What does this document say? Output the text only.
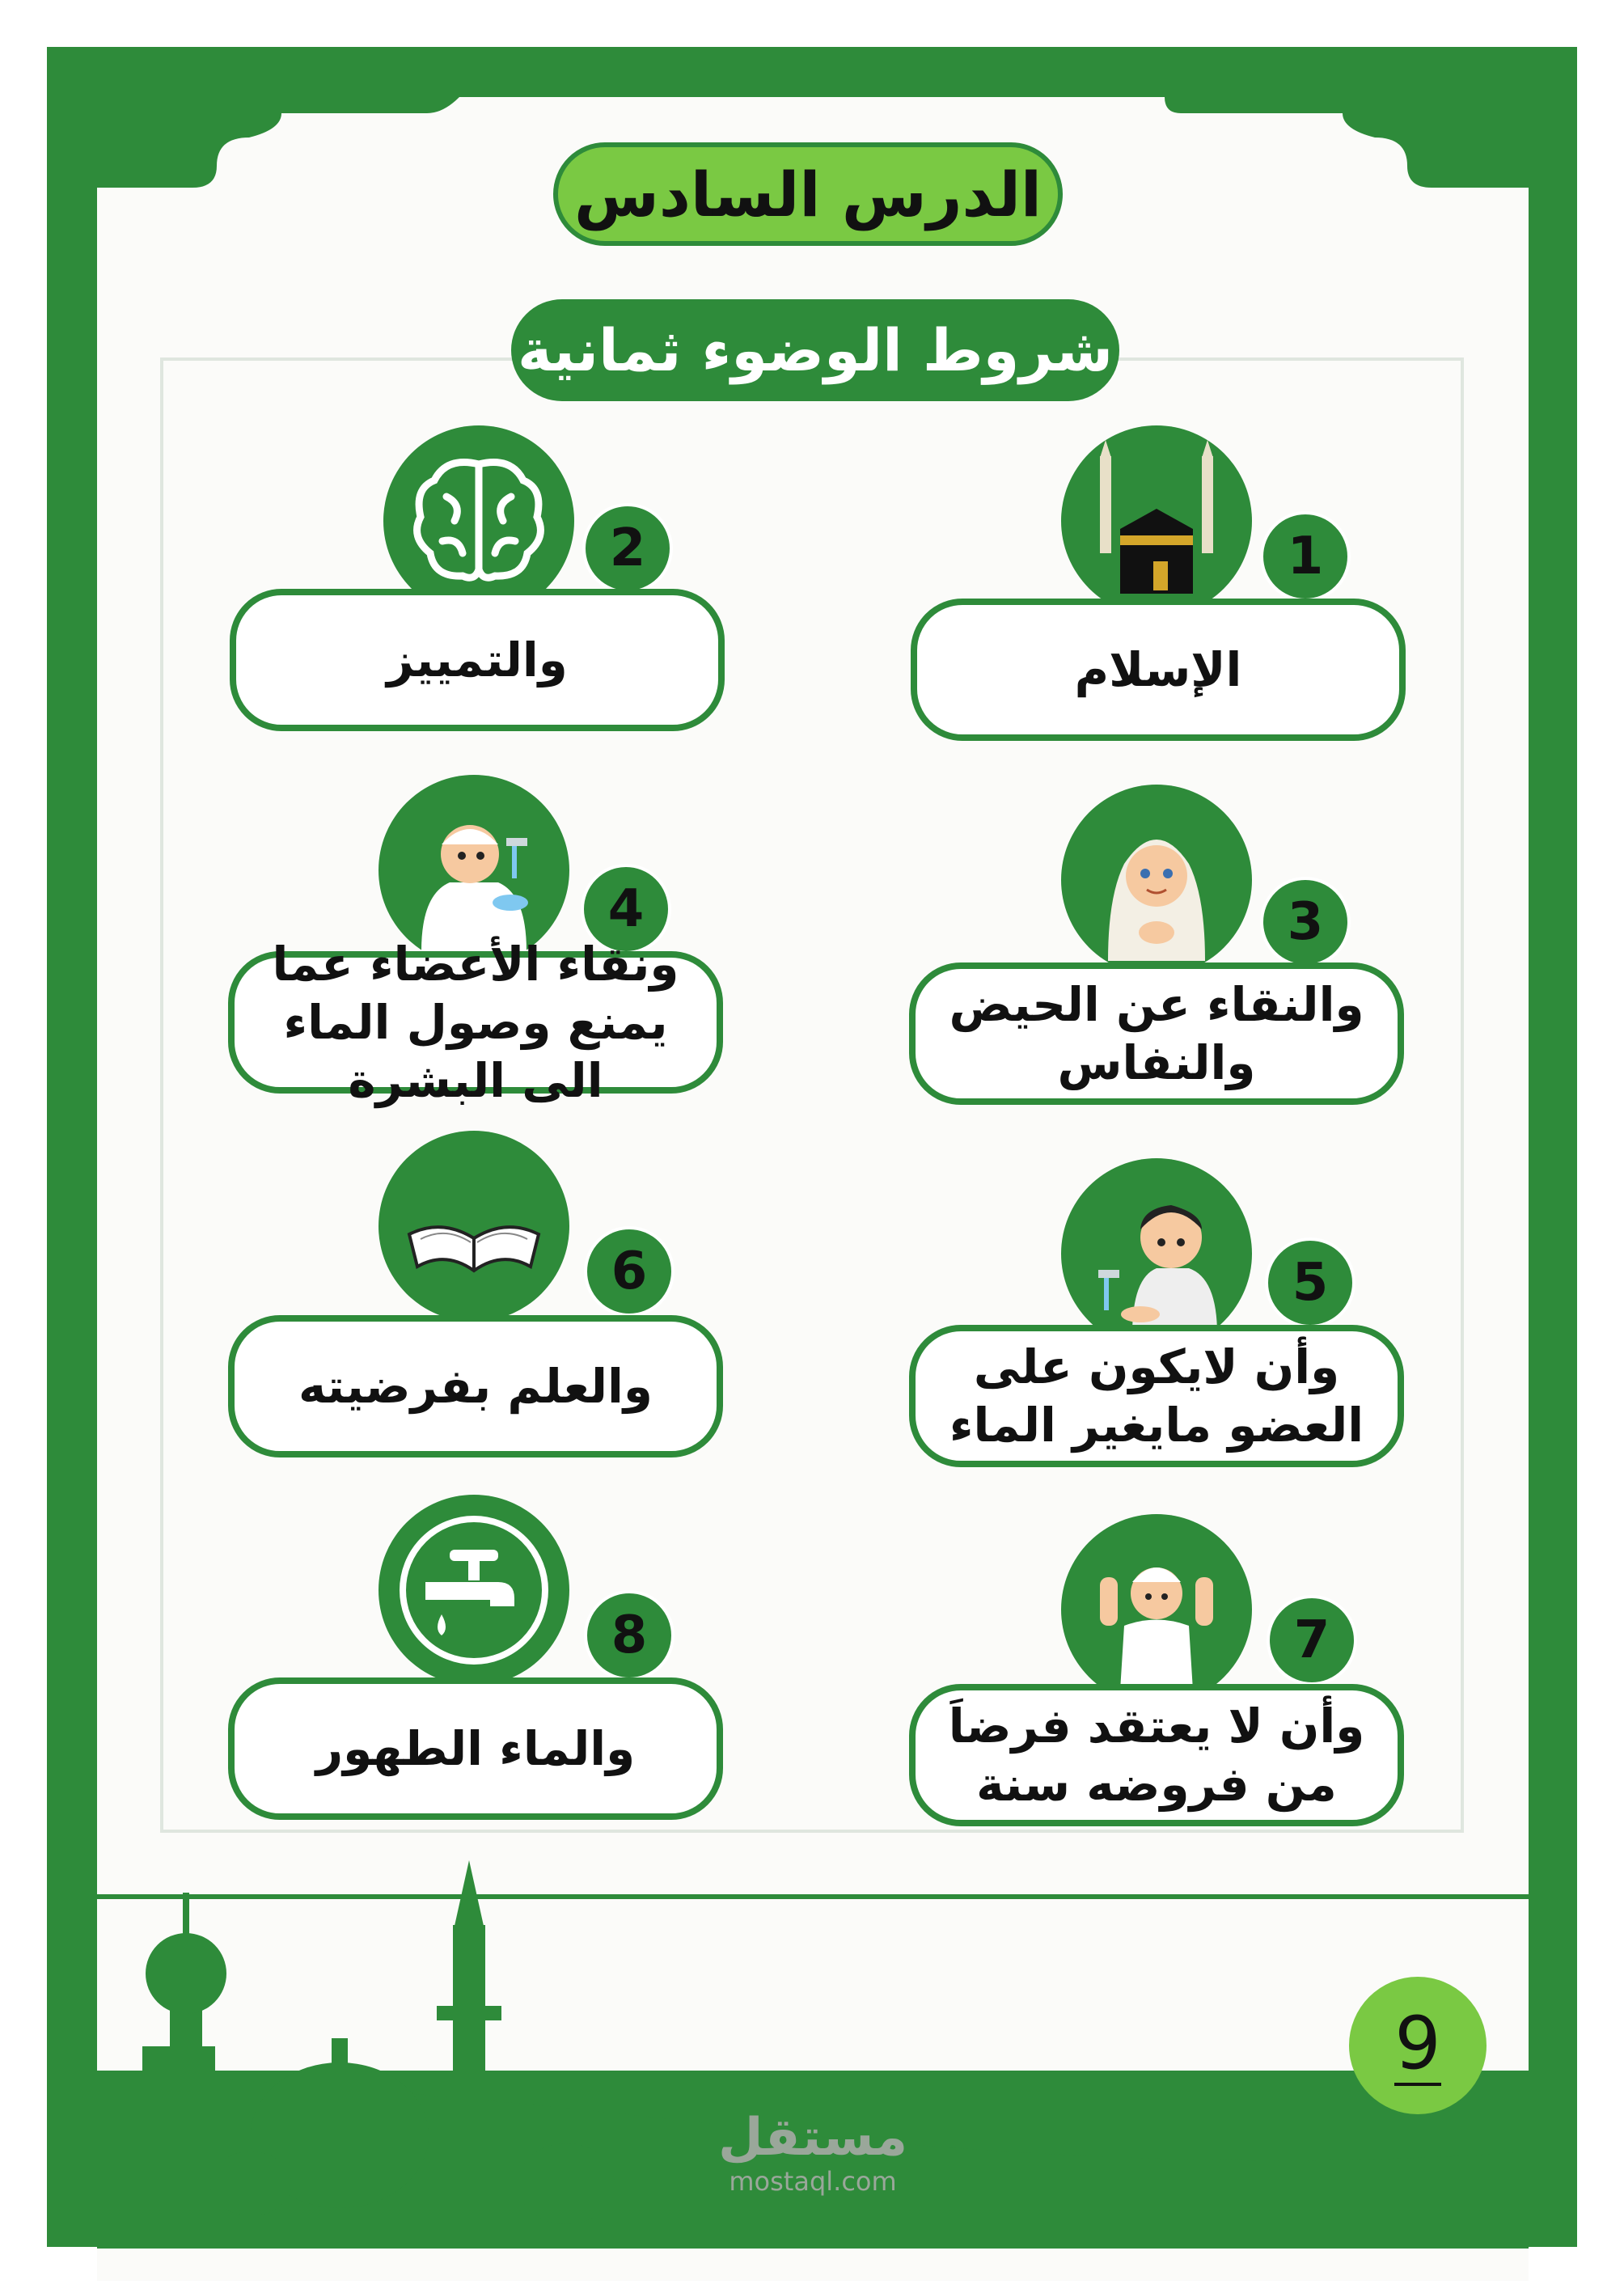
الدرس السادس
شروط الوضوء ثمانية
1
الإسلام
2
والتمييز
3
والنقاء عن الحيض والنفاس
4
ونقاء الأعضاء عما يمنع وصول الماء الى البشرة
5
وأن لايكون على العضو مايغير الماء
6
والعلم بفرضيته
7
وأن لا يعتقد فرضاَ من فروضه سنة
8
والماء الطهور
9
مستقل
mostaql.com
